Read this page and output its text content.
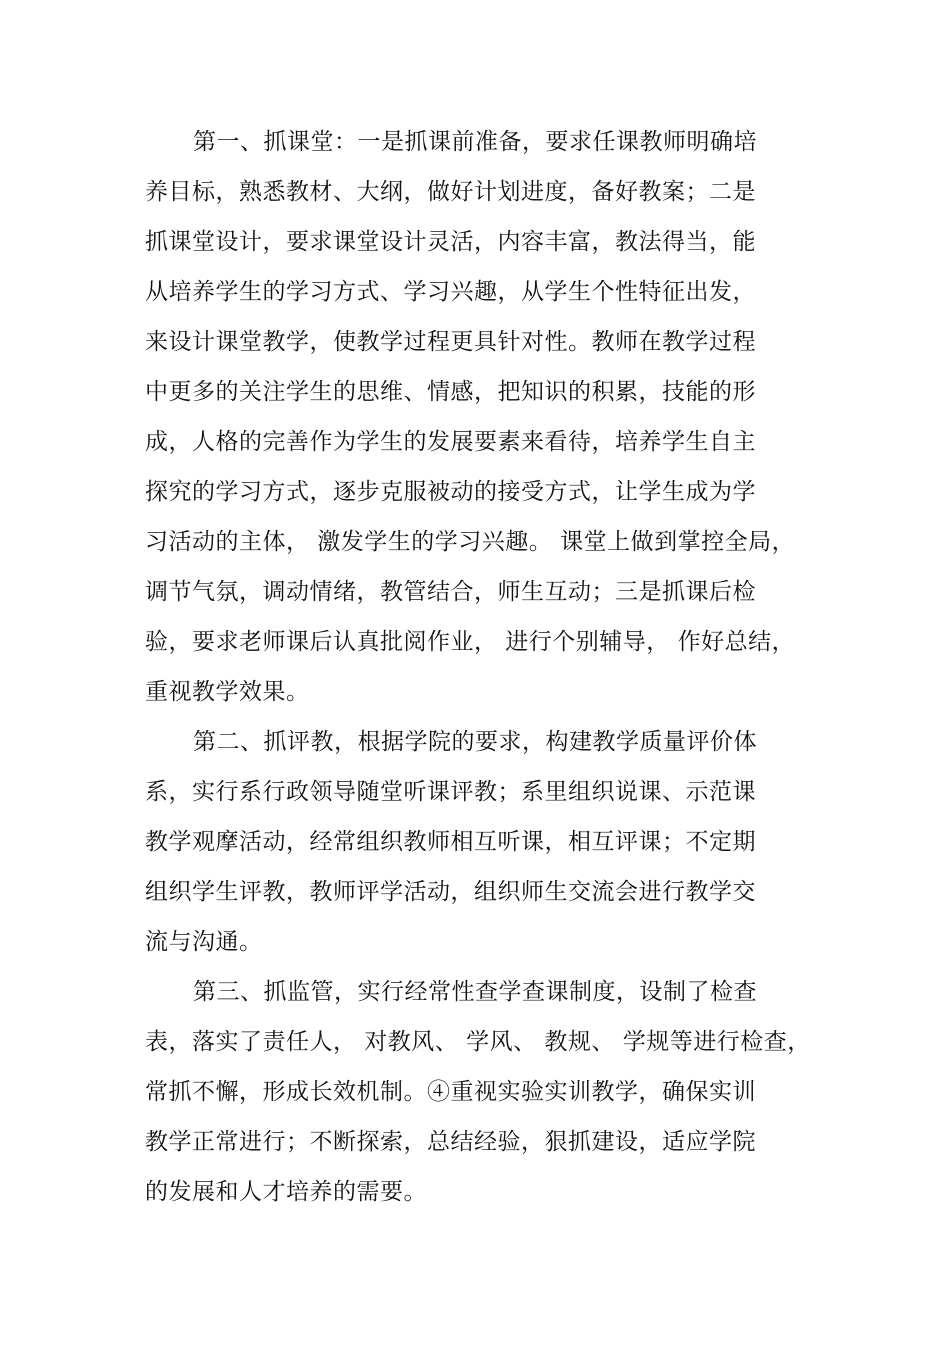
第一、抓课堂：一是抓课前准备，要求任课教师明确培
养目标，熟悉教材、大纲，做好计划进度，备好教案；二是
抓课堂设计，要求课堂设计灵活，内容丰富，教法得当，能
从培养学生的学习方式、学习兴趣，从学生个性特征出发，
来设计课堂教学，使教学过程更具针对性。教师在教学过程
中更多的关注学生的思维、情感，把知识的积累，技能的形
成，人格的完善作为学生的发展要素来看待，培养学生自主
探究的学习方式，逐步克服被动的接受方式，让学生成为学
习活动的主体， 激发学生的学习兴趣。 课堂上做到掌控全局，
调节气氛，调动情绪，教管结合，师生互动；三是抓课后检
验，要求老师课后认真批阅作业， 进行个别辅导， 作好总结，
重视教学效果。
第二、抓评教，根据学院的要求，构建教学质量评价体
系，实行系行政领导随堂听课评教；系里组织说课、示范课
教学观摩活动，经常组织教师相互听课，相互评课；不定期
组织学生评教，教师评学活动，组织师生交流会进行教学交
流与沟通。
第三、抓监管，实行经常性查学查课制度，设制了检查
表，落实了责任人， 对教风、 学风、 教规、 学规等进行检查，
常抓不懈，形成长效机制。④重视实验实训教学，确保实训
教学正常进行；不断探索，总结经验，狠抓建设，适应学院
的发展和人才培养的需要。
